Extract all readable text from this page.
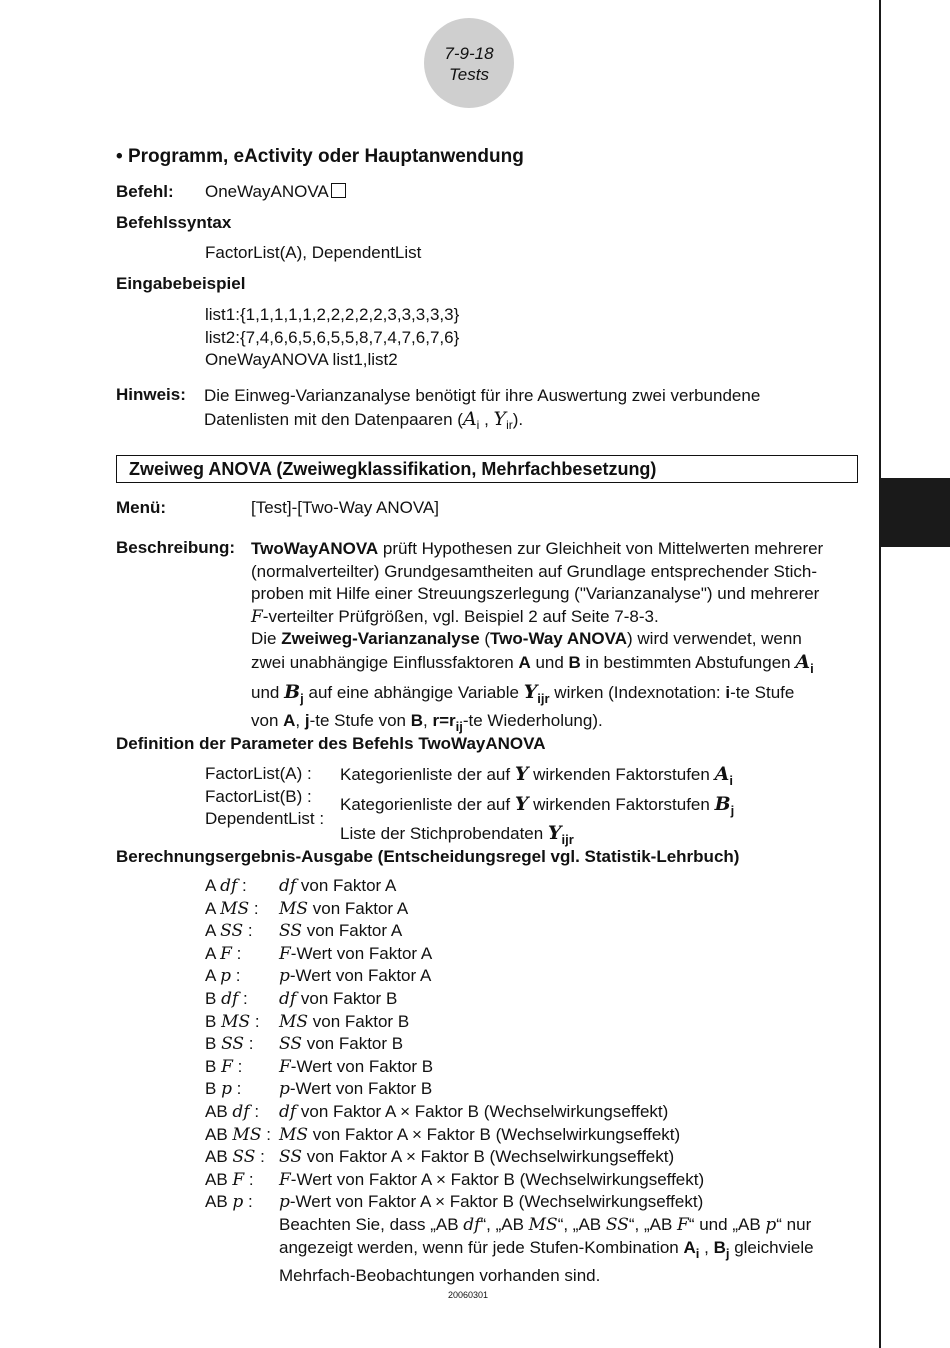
7-9-18
Tests
• Programm, eActivity oder Hauptanwendung
Befehl: OneWayANOVA
Befehlssyntax
FactorList(A), DependentList
Eingabebeispiel
list1:{1,1,1,1,1,2,2,2,2,2,3,3,3,3,3}
list2:{7,4,6,6,5,6,5,5,8,7,4,7,6,7,6}
OneWayANOVA list1,list2
Hinweis: Die Einweg-Varianzanalyse benötigt für ihre Auswertung zwei verbundene
Datenlisten mit den Datenpaaren ($A_i$ , $Y_{ir}$).
Zweiweg ANOVA (Zweiwegklassifikation, Mehrfachbesetzung)
Menü:	[Test]-[Two-Way ANOVA]
Beschreibung: TwoWayANOVA prüft Hypothesen zur Gleichheit von Mittelwerten mehrerer
(normalverteilter) Grundgesamtheiten auf Grundlage entsprechender Stich-
proben mit Hilfe einer Streuungszerlegung ("Varianzanalyse") und mehrerer
F-verteilter Prüfgrößen, vgl. Beispiel 2 auf Seite 7-8-3.
Die Zweiweg-Varianzanalyse (Two-Way ANOVA) wird verwendet, wenn
zwei unabhängige Einflussfaktoren A und B in bestimmten Abstufungen $A_i$
und $B_j$ auf eine abhängige Variable $Y_{ijr}$ wirken (Indexnotation: i-te Stufe
von A, j-te Stufe von B, $r=r_{ij}-te$ Wiederholung).
Definition der Parameter des Befehls TwoWayANOVA
FactorList(A) :
FactorList(B) :
DependentList :
Kategorienliste der auf Y wirkenden Faktorstufen $A_i$
Kategorienliste der auf Y wirkenden Faktorstufen $B_j$
Liste der Stichprobendaten $Y_{ijr}$
Berechnungsergebnis-Ausgabe (Entscheidungsregel vgl. Statistik-Lehrbuch)
A df :
A MS :
A SS :
A F :
A p :
B df :
B MS :
B SS :
B F :
B p :
AB df :
AB MS :
AB SS :
AB F :
AB p :
df von Faktor A
MS von Faktor A
SS von Faktor A
F-Wert von Faktor A
p-Wert von Faktor A
df von Faktor B
MS von Faktor B
SS von Faktor B
F-Wert von Faktor B
p-Wert von Faktor B
df von Faktor A × Faktor B (Wechselwirkungseffekt)
MS von Faktor A × Faktor B (Wechselwirkungseffekt)
SS von Faktor A × Faktor B (Wechselwirkungseffekt)
F-Wert von Faktor A × Faktor B (Wechselwirkungseffekt)
p-Wert von Faktor A × Faktor B (Wechselwirkungseffekt)
Beachten Sie, dass „AB df“, „AB MS“, „AB SS“, „AB F“ und „AB p“ nur
angezeigt werden, wenn für jede Stufen-Kombination $A_i$ , $B_j$ gleichviele
Mehrfach-Beobachtungen vorhanden sind.
20060301
